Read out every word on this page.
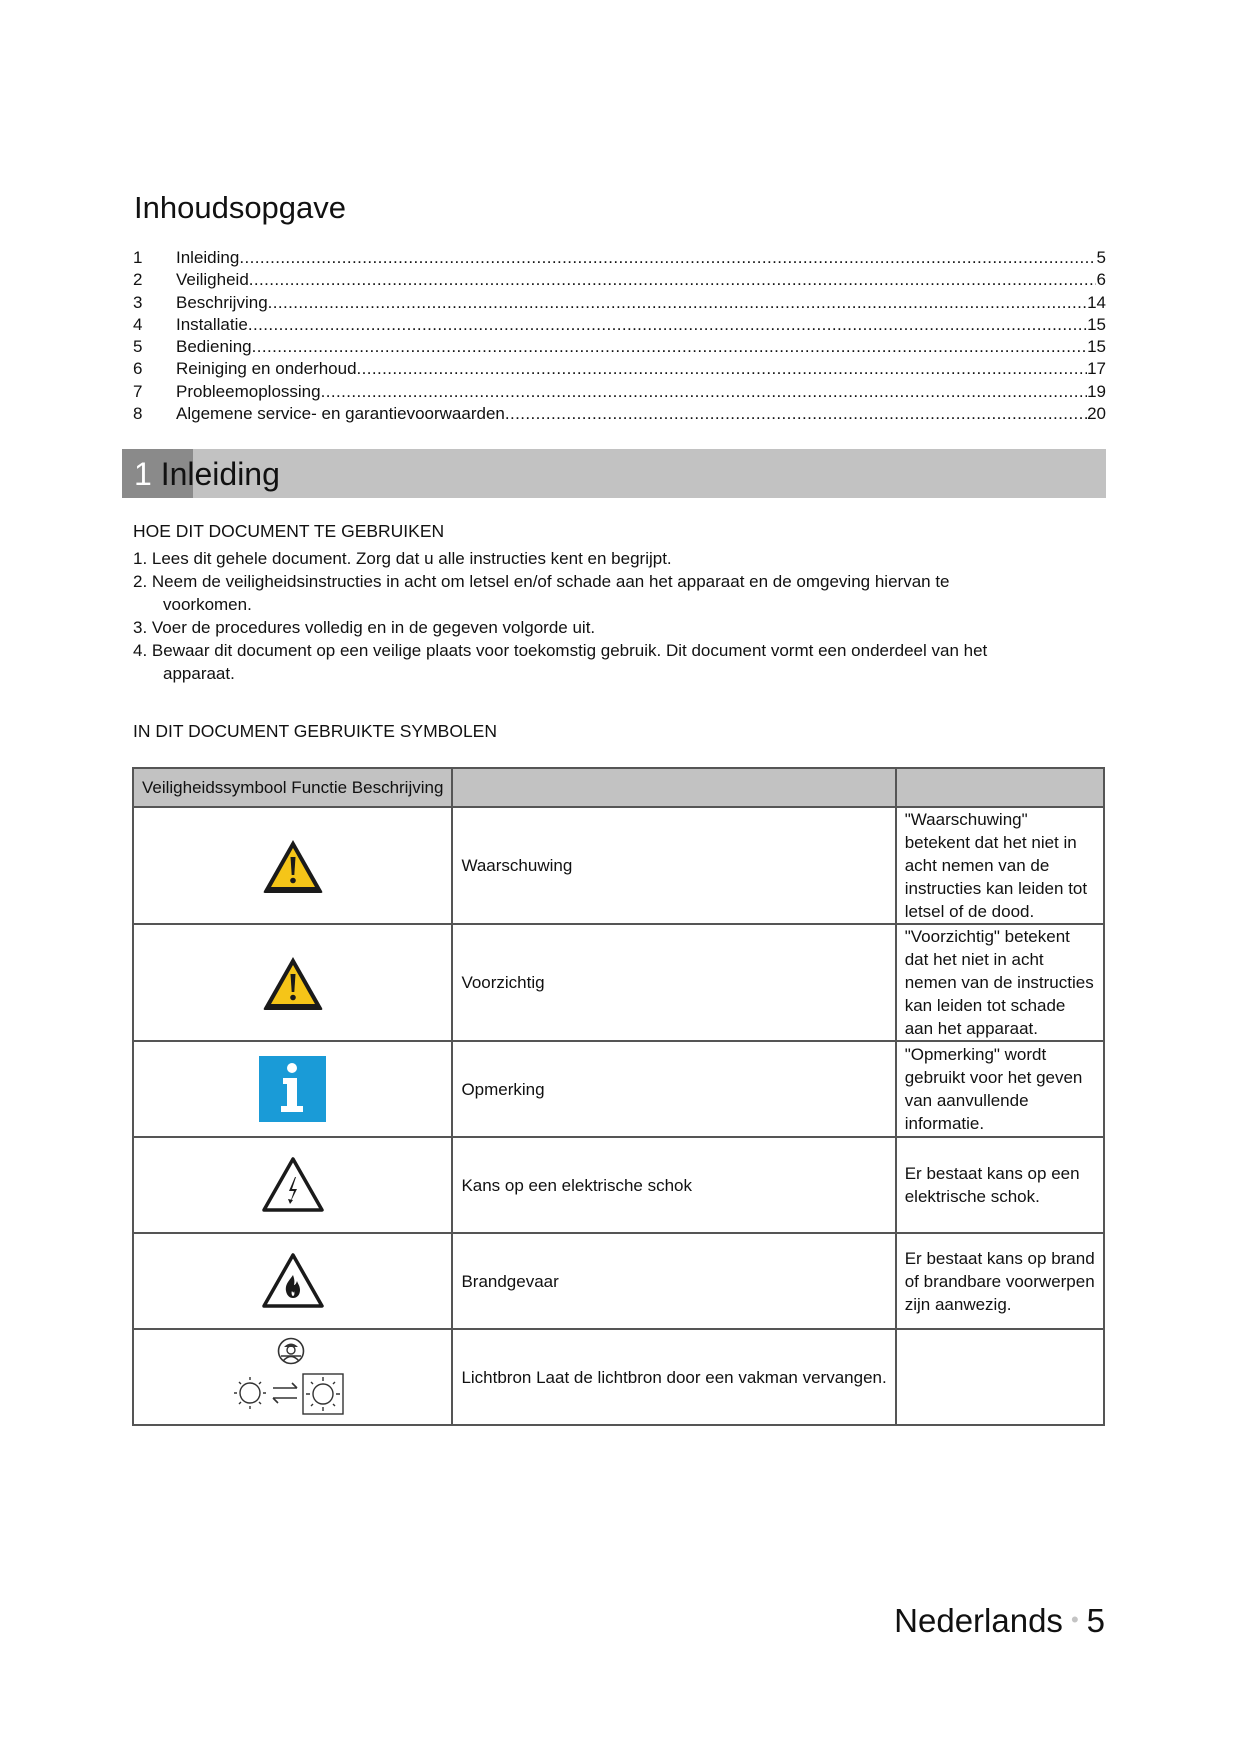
Inhoudsopgave
1	Inleiding .....	5
2	Veiligheid .....	6
3	Beschrijving .....	14
4	Installatie .....	15
5	Bediening .....	15
6	Reiniging en onderhoud .....	17
7	Probleemoplossing .....	19
8	Algemene service- en garantievoorwaarden .....	20
1 Inleiding
HOE DIT DOCUMENT TE GEBRUIKEN
1. Lees dit gehele document. Zorg dat u alle instructies kent en begrijpt.
2. Neem de veiligheidsinstructies in acht om letsel en/of schade aan het apparaat en de omgeving hiervan te
voorkomen.
3. Voer de procedures volledig en in de gegeven volgorde uit.
4. Bewaar dit document op een veilige plaats voor toekomstig gebruik. Dit document vormt een onderdeel van het
apparaat.
IN DIT DOCUMENT GEBRUIKTE SYMBOLEN
Veiligheidssymbool Functie Beschrijving		

Waarschuwing	"Waarschuwing" betekent dat het niet in acht nemen van de instructies kan leiden tot letsel of de dood.

Voorzichtig	"Voorzichtig" betekent dat het niet in acht nemen van de instructies kan leiden tot schade aan het apparaat.

Opmerking	"Opmerking" wordt gebruikt voor het geven van aanvullende informatie.

Kans op een elektrische schok	Er bestaat kans op een elektrische schok.

Brandgevaar	Er bestaat kans op brand of brandbare voorwerpen zijn aanwezig.

Lichtbron Laat de lichtbron door een vakman vervangen.	

Nederlands • 5
